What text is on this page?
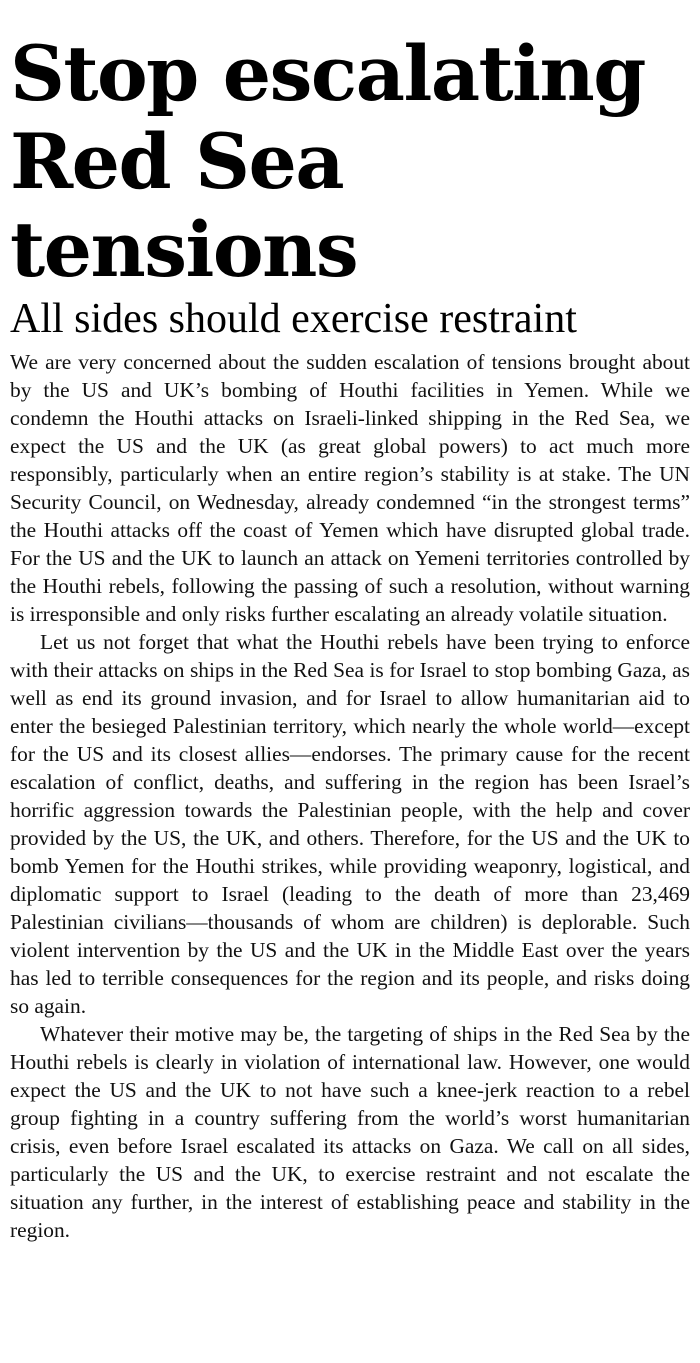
Stop escalating
Red Sea tensions
All sides should exercise restraint

We are very concerned about the sudden escalation of tensions brought about by the US and UK’s bombing of Houthi facilities in Yemen. While we condemn the Houthi attacks on Israeli-linked shipping in the Red Sea, we expect the US and the UK (as great global powers) to act much more responsibly, particularly when an entire region’s stability is at stake. The UN Security Council, on Wednesday, already condemned “in the strongest terms” the Houthi attacks off the coast of Yemen which have disrupted global trade. For the US and the UK to launch an attack on Yemeni territories controlled by the Houthi rebels, following the passing of such a resolution, without warning is irresponsible and only risks further escalating an already volatile situation.

Let us not forget that what the Houthi rebels have been trying to enforce with their attacks on ships in the Red Sea is for Israel to stop bombing Gaza, as well as end its ground invasion, and for Israel to allow humanitarian aid to enter the besieged Palestinian territory, which nearly the whole world—except for the US and its closest allies—endorses. The primary cause for the recent escalation of conflict, deaths, and suffering in the region has been Israel’s horrific aggression towards the Palestinian people, with the help and cover provided by the US, the UK, and others. Therefore, for the US and the UK to bomb Yemen for the Houthi strikes, while providing weaponry, logistical, and diplomatic support to Israel (leading to the death of more than 23,469 Palestinian civilians—thousands of whom are children) is deplorable. Such violent intervention by the US and the UK in the Middle East over the years has led to terrible consequences for the region and its people, and risks doing so again.

Whatever their motive may be, the targeting of ships in the Red Sea by the Houthi rebels is clearly in violation of international law. However, one would expect the US and the UK to not have such a knee-jerk reaction to a rebel group fighting in a country suffering from the world’s worst humanitarian crisis, even before Israel escalated its attacks on Gaza. We call on all sides, particularly the US and the UK, to exercise restraint and not escalate the situation any further, in the interest of establishing peace and stability in the region.
